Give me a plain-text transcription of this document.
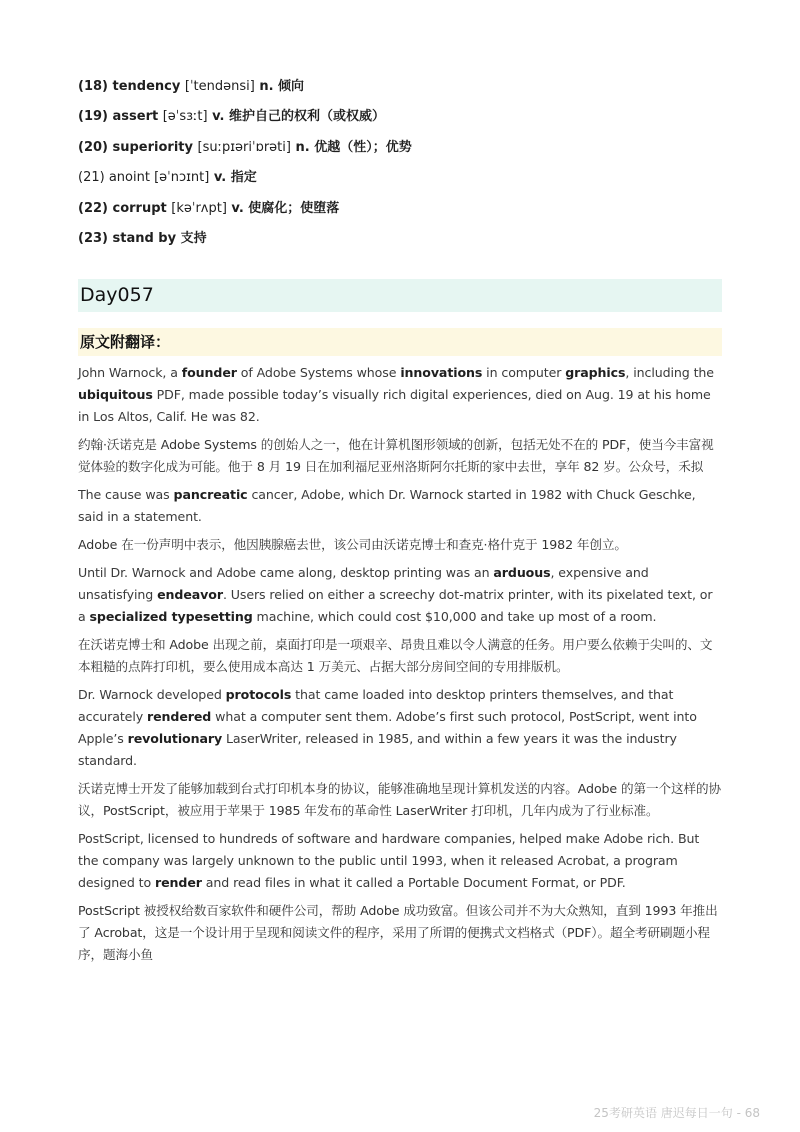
(18) tendency [ˈtendənsi] n. 倾向
(19) assert [əˈsɜːt] v. 维护自己的权利（或权威）
(20) superiority [suːpɪəriˈɒrəti] n. 优越（性）；优势
(21) anoint [əˈnɔɪnt] v. 指定
(22) corrupt [kəˈrʌpt] v. 使腐化；使堕落
(23) stand by 支持
Day057
原文附翻译：

John Warnock, a founder of Adobe Systems whose innovations in computer graphics, including the ubiquitous PDF, made possible today’s visually rich digital experiences, died on Aug. 19 at his home in Los Altos, Calif. He was 82.

约翰·沃诺克是 Adobe Systems 的创始人之一，他在计算机图形领域的创新，包括无处不在的 PDF，使当今丰富视觉体验的数字化成为可能。他于 8 月 19 日在加利福尼亚州洛斯阿尔托斯的家中去世，享年 82 岁。公众号，禾拟

The cause was pancreatic cancer, Adobe, which Dr. Warnock started in 1982 with Chuck Geschke, said in a statement.

Adobe 在一份声明中表示，他因胰腺癌去世，该公司由沃诺克博士和查克·格什克于 1982 年创立。

Until Dr. Warnock and Adobe came along, desktop printing was an arduous, expensive and unsatisfying endeavor. Users relied on either a screechy dot-matrix printer, with its pixelated text, or a specialized typesetting machine, which could cost $10,000 and take up most of a room.

在沃诺克博士和 Adobe 出现之前，桌面打印是一项艰辛、昂贵且难以令人满意的任务。用户要么依赖于尖叫的、文本粗糙的点阵打印机，要么使用成本高达 1 万美元、占据大部分房间空间的专用排版机。

Dr. Warnock developed protocols that came loaded into desktop printers themselves, and that accurately rendered what a computer sent them. Adobe’s first such protocol, PostScript, went into Apple’s revolutionary LaserWriter, released in 1985, and within a few years it was the industry standard.

沃诺克博士开发了能够加载到台式打印机本身的协议，能够准确地呈现计算机发送的内容。Adobe 的第一个这样的协议，PostScript，被应用于苹果于 1985 年发布的革命性 LaserWriter 打印机，几年内成为了行业标准。

PostScript, licensed to hundreds of software and hardware companies, helped make Adobe rich. But the company was largely unknown to the public until 1993, when it released Acrobat, a program designed to render and read files in what it called a Portable Document Format, or PDF.

PostScript 被授权给数百家软件和硬件公司，帮助 Adobe 成功致富。但该公司并不为大众熟知，直到 1993 年推出了 Acrobat，这是一个设计用于呈现和阅读文件的程序，采用了所谓的便携式文档格式（PDF）。超全考研刷题小程序，题海小鱼

25考研英语 唐迟每日一句 - 68
